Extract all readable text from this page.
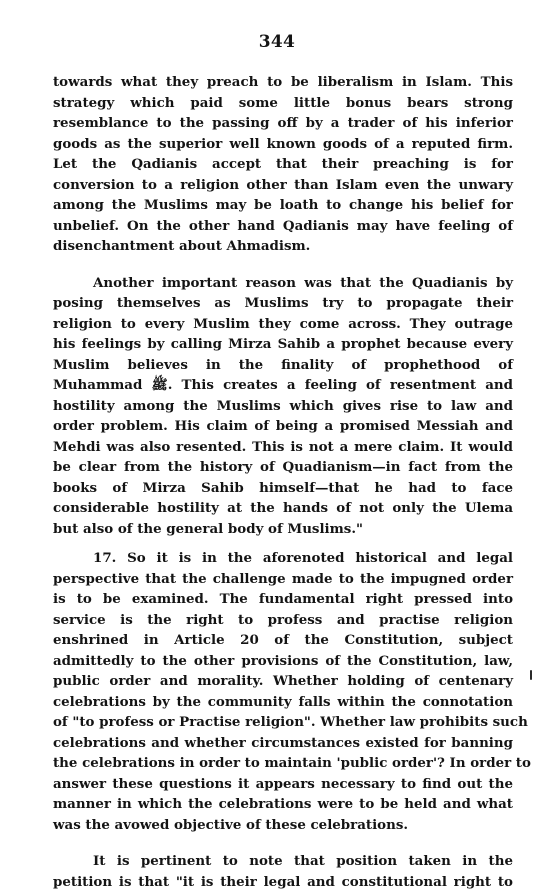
344
towards what they preach to be liberalism in Islam. This
strategy which paid some little bonus bears strong
resemblance to the passing off by a trader of his inferior
goods as the superior well known goods of a reputed firm.
Let the Qadianis accept that their preaching is for
conversion to a religion other than Islam even the unwary
among the Muslims may be loath to change his belief for
unbelief. On the other hand Qadianis may have feeling of
disenchantment about Ahmadism.
Another important reason was that the Quadianis by
posing themselves as Muslims try to propagate their
religion to every Muslim they come across. They outrage
his feelings by calling Mirza Sahib a prophet because every
Muslim believes in the finality of prophethood of
Muhammad ﷺ. This creates a feeling of resentment and
hostility among the Muslims which gives rise to law and
order problem. His claim of being a promised Messiah and
Mehdi was also resented. This is not a mere claim. It would
be clear from the history of Quadianism—in fact from the
books of Mirza Sahib himself—that he had to face
considerable hostility at the hands of not only the Ulema
but also of the general body of Muslims."
17. So it is in the aforenoted historical and legal
perspective that the challenge made to the impugned order
is to be examined. The fundamental right pressed into
service is the right to profess and practise religion
enshrined in Article 20 of the Constitution, subject
admittedly to the other provisions of the Constitution, law,
public order and morality. Whether holding of centenary
celebrations by the community falls within the connotation
of "to profess or Practise religion". Whether law prohibits such
celebrations and whether circumstances existed for banning
the celebrations in order to maintain 'public order'? In order to
answer these questions it appears necessary to find out the
manner in which the celebrations were to be held and what
was the avowed objective of these celebrations.
It is pertinent to note that position taken in the
petition is that "it is their legal and constitutional right to
